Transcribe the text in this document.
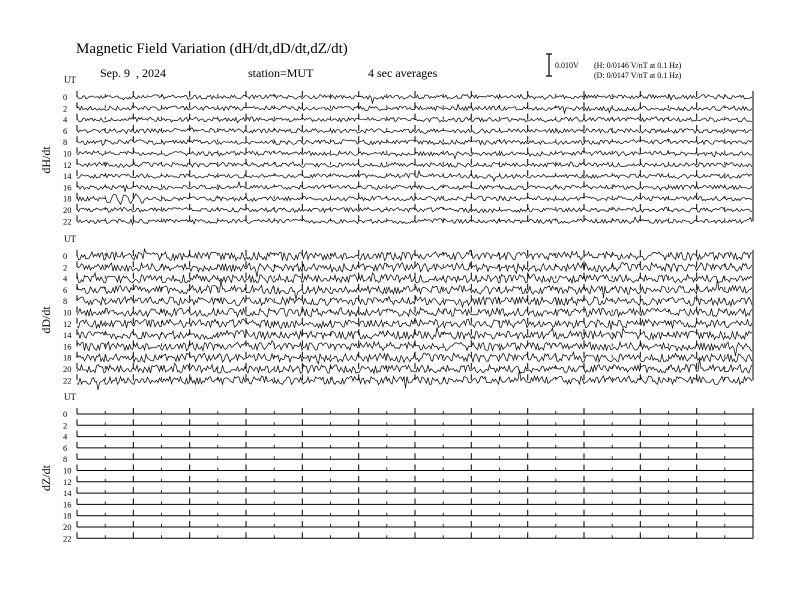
Magnetic Field Variation (dH/dt,dD/dt,dZ/dt)
Sep. 9  , 2024	station=MUT	4 sec averages
0.010V (H: 0/0146 V/nT at 0.1 Hz)
(D: 0/0147 V/nT at 0.1 Hz)
UT
dH/dt
0
2
4
6
8
10
12
14
16
18
20
22
UT
dD/dt
0
2
4
6
8
10
12
14
16
18
20
22
UT
dZ/dt
0
2
4
6
8
10
12
14
16
18
20
22
